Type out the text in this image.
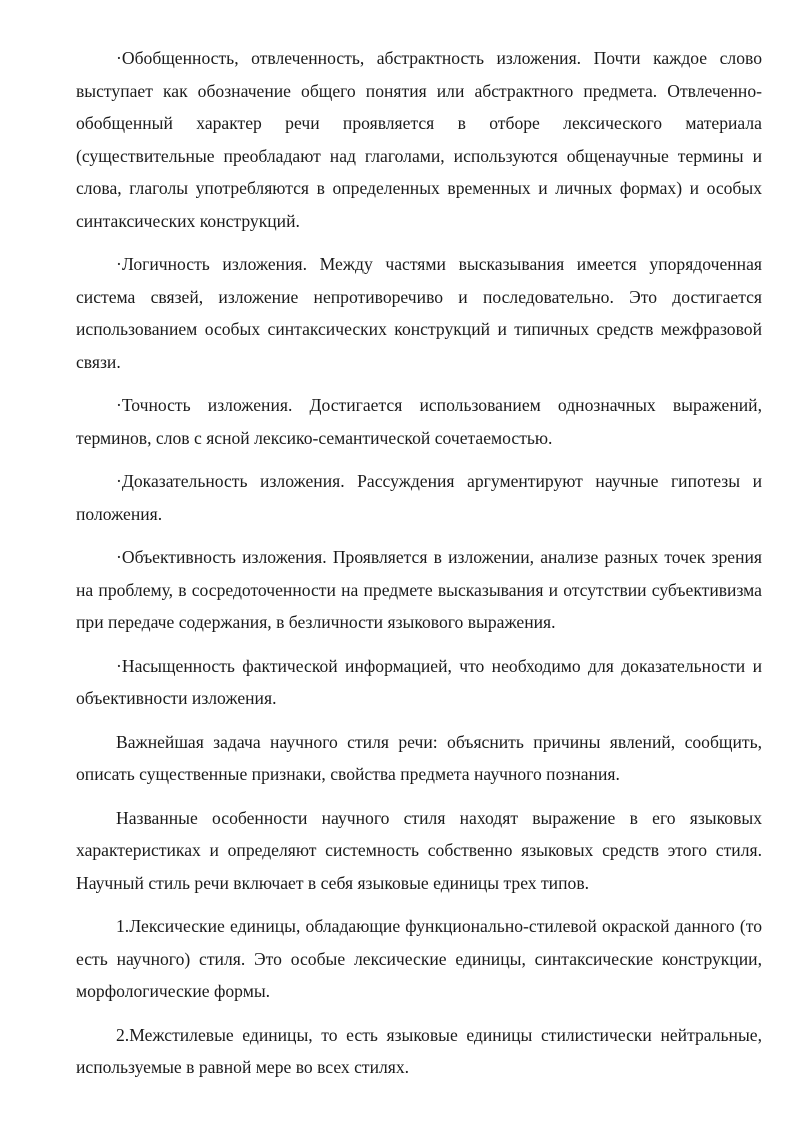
·Обобщенность, отвлеченность, абстрактность изложения. Почти каждое слово выступает как обозначение общего понятия или абстрактного предмета. Отвлеченно-обобщенный характер речи проявляется в отборе лексического материала (существительные преобладают над глаголами, используются общенаучные термины и слова, глаголы употребляются в определенных временных и личных формах) и особых синтаксических конструкций.

·Логичность изложения. Между частями высказывания имеется упорядоченная система связей, изложение непротиворечиво и последовательно. Это достигается использованием особых синтаксических конструкций и типичных средств межфразовой связи.

·Точность изложения. Достигается использованием однозначных выражений, терминов, слов с ясной лексико-семантической сочетаемостью.

·Доказательность изложения. Рассуждения аргументируют научные гипотезы и положения.

·Объективность изложения. Проявляется в изложении, анализе разных точек зрения на проблему, в сосредоточенности на предмете высказывания и отсутствии субъективизма при передаче содержания, в безличности языкового выражения.

·Насыщенность фактической информацией, что необходимо для доказательности и объективности изложения.

Важнейшая задача научного стиля речи: объяснить причины явлений, сообщить, описать существенные признаки, свойства предмета научного познания.

Названные особенности научного стиля находят выражение в его языковых характеристиках и определяют системность собственно языковых средств этого стиля. Научный стиль речи включает в себя языковые единицы трех типов.

1.Лексические единицы, обладающие функционально-стилевой окраской данного (то есть научного) стиля. Это особые лексические единицы, синтаксические конструкции, морфологические формы.

2.Межстилевые единицы, то есть языковые единицы стилистически нейтральные, используемые в равной мере во всех стилях.
